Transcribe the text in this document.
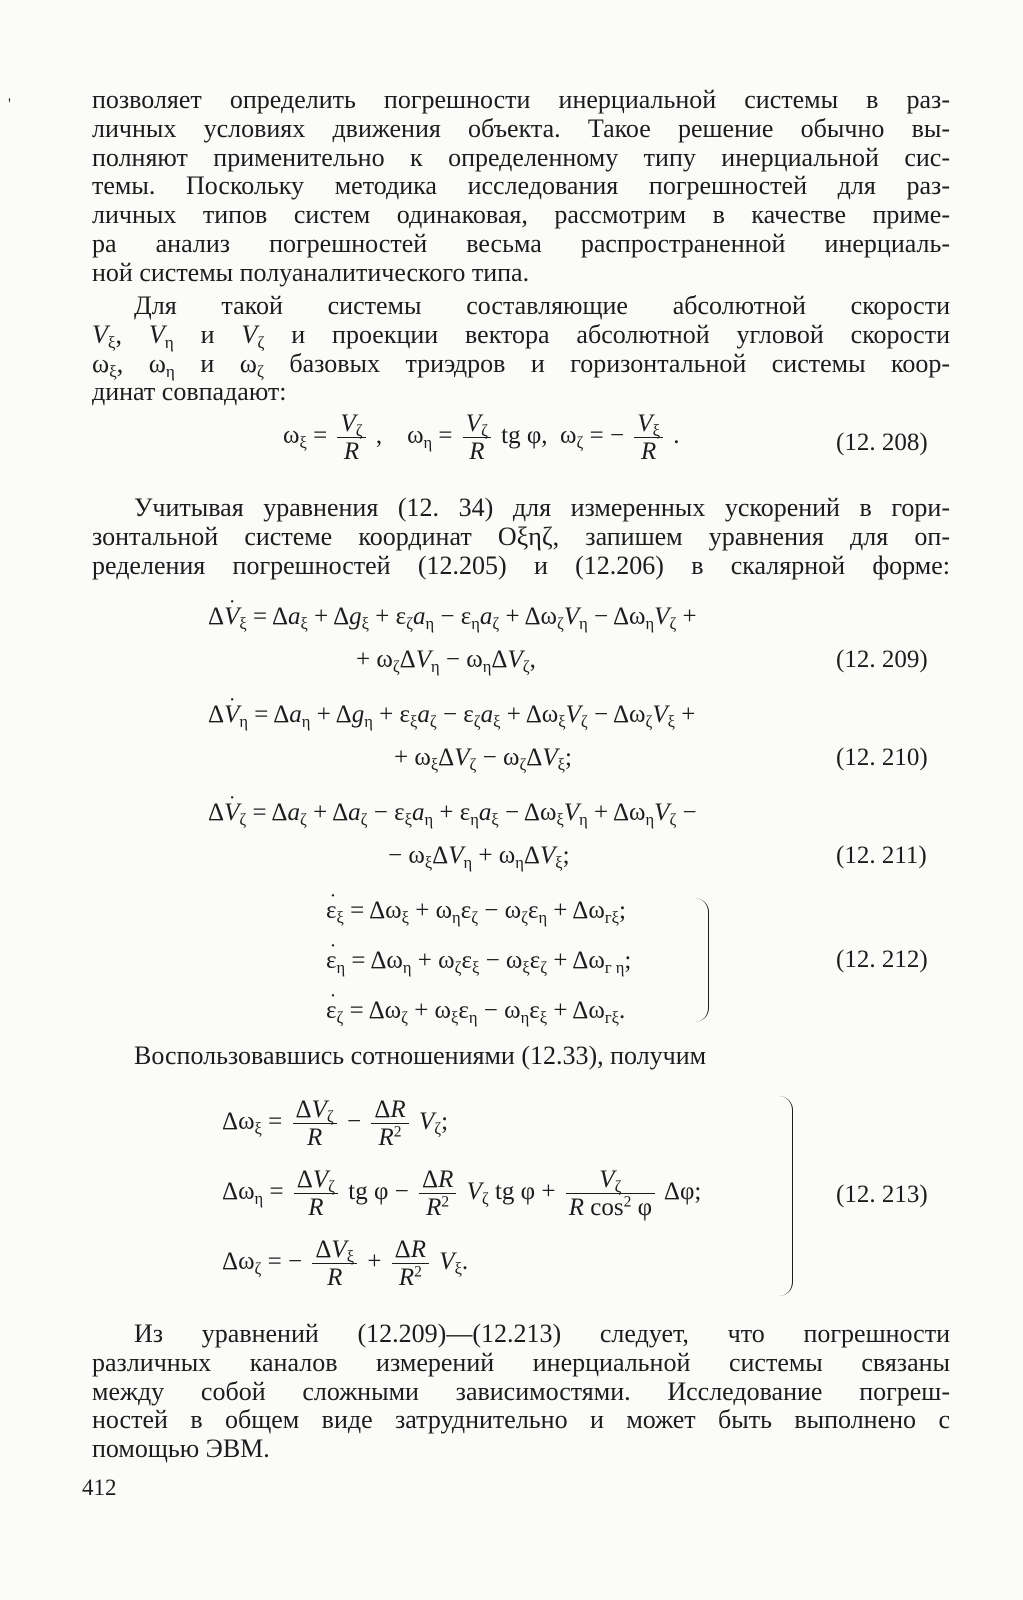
'	позволяет определить погрешности инерциальной системы в раз-
личных условиях движения объекта. Такое решение обычно вы-
полняют применительно к определенному типу инерциальной сис-
темы. Поскольку методика исследования погрешностей для раз-
личных типов систем одинаковая, рассмотрим в качестве приме-
ра анализ погрешностей весьма распространенной инерциаль-
ной системы полуаналитического типа.
Для такой системы составляющие абсолютной скорости
$V_\xi$, $V_\eta$ и $V_\zeta$ и проекции вектора абсолютной угловой скорости
$\omega_\xi$, $\omega_\eta$ и $\omega_\zeta$ базовых триэдров и горизонтальной системы коор-
динат совпадают:
$\omega_\xi = \frac{V_\zeta}{R}$ ,    $\omega_\eta = \frac{V_\zeta}{R}$ tg φ,  $\omega_\zeta$ = − $\frac{V_\xi}{R}$ .	(12. 208)
Учитывая уравнения (12. 34) для измеренных ускорений в гори-
зонтальной системе координат Oξηζ, запишем уравнения для оп-
ределения погрешностей (12.205) и (12.206) в скалярной форме:
$\Delta V \cdot_\xi = \Delta a_\xi + \Delta g_\xi + \varepsilon_\zeta a_\eta - \varepsilon_\eta a_\zeta + \Delta\omega_\zeta V_\eta - \Delta\omega_\eta V_\zeta$ +
+ $\omega_\zeta\Delta V_\eta - \omega_\eta\Delta V_\zeta$,	(12. 209)
$\Delta V \cdot_\eta = \Delta a_\eta + \Delta g_\eta + \varepsilon_\xi a_\zeta - \varepsilon_\zeta a_\xi + \Delta\omega_\xi V_\zeta - \Delta\omega_\zeta V_\xi$ +
+ $\omega_\xi\Delta V_\zeta - \omega_\zeta\Delta V_\xi$;	(12. 210)
$\Delta V \cdot_\zeta = \Delta a_\zeta + \Delta a_\zeta - \varepsilon_\xi a_\eta + \varepsilon_\eta a_\xi - \Delta\omega_\xi V_\eta + \Delta\omega_\eta V_\zeta$ −
− $\omega_\xi\Delta V_\eta + \omega_\eta\Delta V_\xi$;	(12. 211)
$\varepsilon \cdot_\xi = \Delta\omega_\xi + \omega_\eta\varepsilon_\zeta - \omega_\zeta\varepsilon_\eta + \Delta\omega_{г\xi}$;
$\varepsilon \cdot_\eta = \Delta\omega_\eta + \omega_\zeta\varepsilon_\xi - \omega_\xi\varepsilon_\zeta + \Delta\omega_{г \eta}$;
$\varepsilon \cdot_\zeta = \Delta\omega_\zeta + \omega_\xi\varepsilon_\eta - \omega_\eta\varepsilon_\xi + \Delta\omega_{г\xi}$.
(12. 212)
Воспользовавшись сотношениями (12.33), получим
$\Delta\omega_\xi = \frac{\Delta V_\zeta}{R} - \frac{\Delta R}{R^2} V_\zeta$;
$\Delta\omega_\eta = \frac{\Delta V_\zeta}{R}$ tg $\varphi - \frac{\Delta R}{R^2} V_\zeta$ tg $\varphi + \frac{V_\zeta}{R \cos^2 \varphi} \Delta\varphi$;
$\Delta\omega_\zeta$ = − $\frac{\Delta V_\xi}{R} + \frac{\Delta R}{R^2} V_\xi$.
(12. 213)
Из уравнений (12.209)—(12.213) следует, что погрешности
различных каналов измерений инерциальной системы связаны
между собой сложными зависимостями. Исследование погреш-
ностей в общем виде затруднительно и может быть выполнено с
помощью ЭВМ.
412
